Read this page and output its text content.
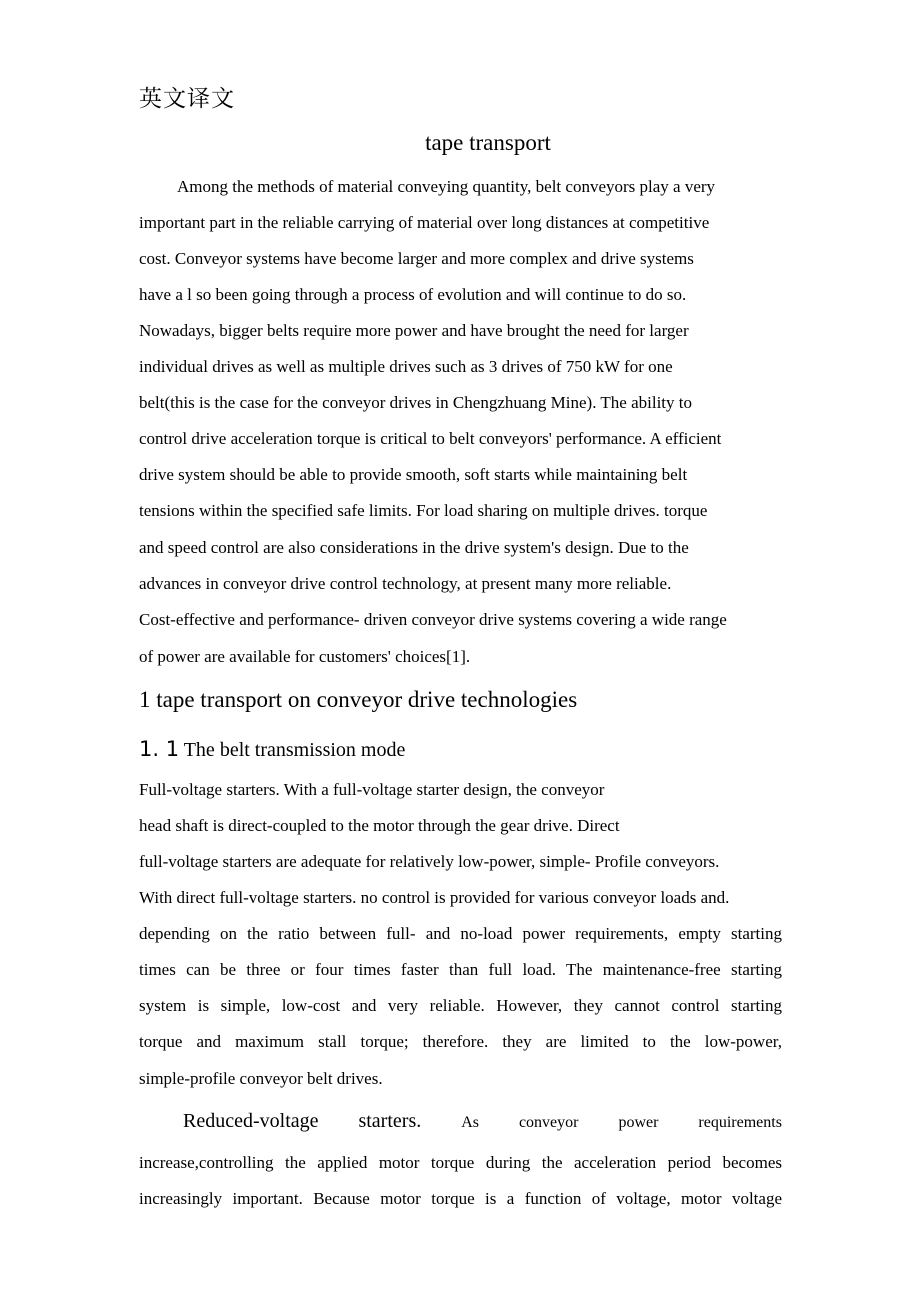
英文译文
tape transport
Among the methods of material conveying quantity, belt conveyors play a very
important part in the reliable carrying of material over long distances at competitive
cost. Conveyor systems have become larger and more complex and drive systems
have a l so been going through a process of evolution and will continue to do so.
Nowadays, bigger belts require more power and have brought the need for larger
individual drives as well as multiple drives such as 3 drives of 750 kW for one
belt(this is the case for the conveyor drives in Chengzhuang Mine). The ability to
control drive acceleration torque is critical to belt conveyors' performance. A efficient
drive system should be able to provide smooth, soft starts while maintaining belt
tensions within the specified safe limits. For load sharing on multiple drives. torque
and speed control are also considerations in the drive system's design. Due to the
advances in conveyor drive control technology, at present many more reliable.
Cost-effective and performance- driven conveyor drive systems covering a wide range
of power are available for customers' choices[1].
1 tape transport on conveyor drive technologies
1. 1 The belt transmission mode
Full-voltage starters. With a full-voltage starter design, the conveyor
head shaft is direct-coupled to the motor through the gear drive. Direct
full-voltage starters are adequate for relatively low-power, simple- Profile conveyors.
With direct full-voltage starters. no control is provided for various conveyor loads and.
depending on the ratio between full- and no-load power requirements, empty starting
times can be three or four times faster than full load. The maintenance-free starting
system is simple, low-cost and very reliable. However, they cannot control starting
torque and maximum stall torque; therefore. they are limited to the low-power,
simple-profile conveyor belt drives.
Reduced-voltage starters. As conveyor power requirements
increase,controlling the applied motor torque during the acceleration period becomes
increasingly important. Because motor torque is a function of voltage, motor voltage
